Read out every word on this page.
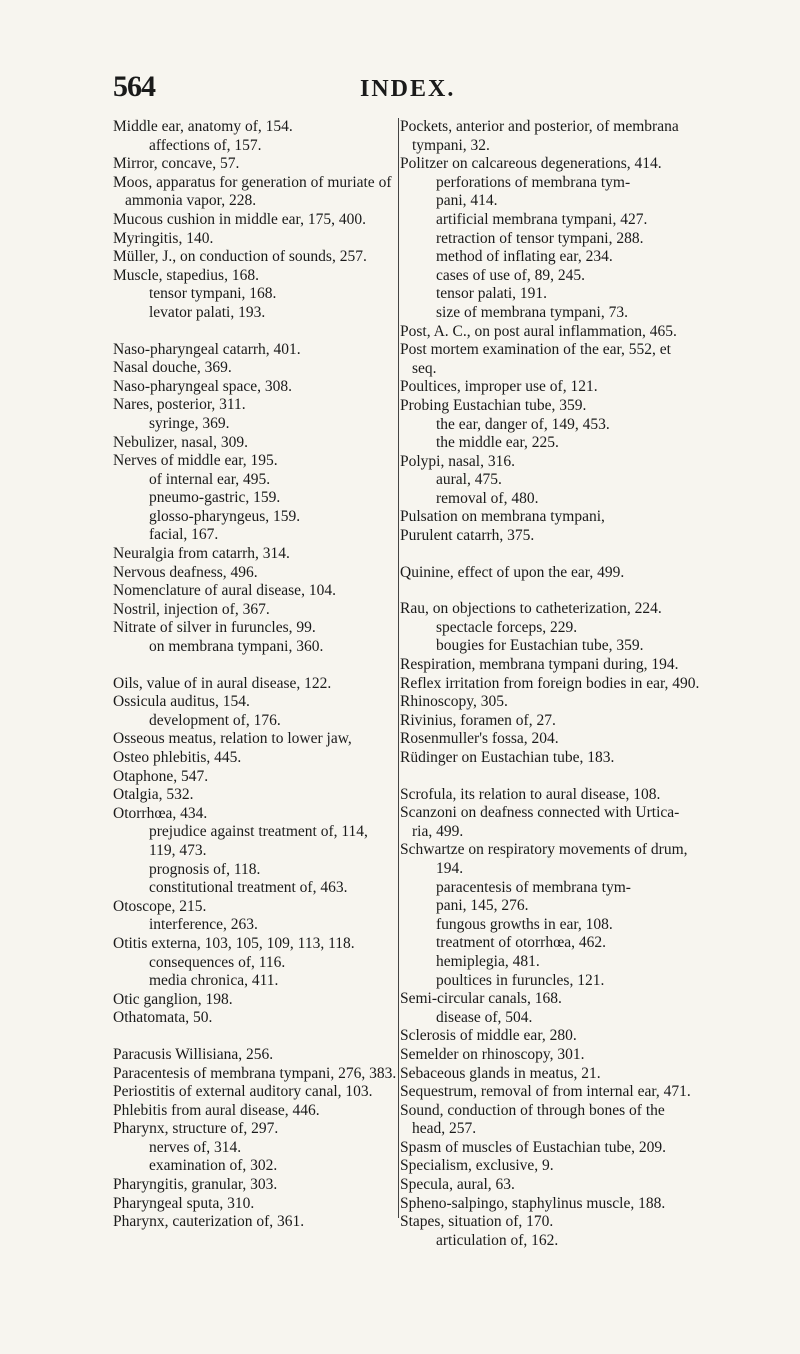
564	INDEX.
Middle ear, anatomy of, 154.
affections of, 157.
Mirror, concave, 57.
Moos, apparatus for generation of muriate of
ammonia vapor, 228.
Mucous cushion in middle ear, 175, 400.
Myringitis, 140.
Müller, J., on conduction of sounds, 257.
Muscle, stapedius, 168.
tensor tympani, 168.
levator palati, 193.
Naso-pharyngeal catarrh, 401.
Nasal douche, 369.
Naso-pharyngeal space, 308.
Nares, posterior, 311.
syringe, 369.
Nebulizer, nasal, 309.
Nerves of middle ear, 195.
of internal ear, 495.
pneumo-gastric, 159.
glosso-pharyngeus, 159.
facial, 167.
Neuralgia from catarrh, 314.
Nervous deafness, 496.
Nomenclature of aural disease, 104.
Nostril, injection of, 367.
Nitrate of silver in furuncles, 99.
on membrana tympani, 360.
Oils, value of in aural disease, 122.
Ossicula auditus, 154.
development of, 176.
Osseous meatus, relation to lower jaw,
Osteo phlebitis, 445.
Otaphone, 547.
Otalgia, 532.
Otorrhœa, 434.
prejudice against treatment of, 114,
119, 473.
prognosis of, 118.
constitutional treatment of, 463.
Otoscope, 215.
interference, 263.
Otitis externa, 103, 105, 109, 113, 118.
consequences of, 116.
media chronica, 411.
Otic ganglion, 198.
Othatomata, 50.
Paracusis Willisiana, 256.
Paracentesis of membrana tympani, 276, 383.
Periostitis of external auditory canal, 103.
Phlebitis from aural disease, 446.
Pharynx, structure of, 297.
nerves of, 314.
examination of, 302.
Pharyngitis, granular, 303.
Pharyngeal sputa, 310.
Pharynx, cauterization of, 361.
Pockets, anterior and posterior, of membrana
tympani, 32.
Politzer on calcareous degenerations, 414.
perforations of membrana tym-
pani, 414.
artificial membrana tympani, 427.
retraction of tensor tympani, 288.
method of inflating ear, 234.
cases of use of, 89, 245.
tensor palati, 191.
size of membrana tympani, 73.
Post, A. C., on post aural inflammation, 465.
Post mortem examination of the ear, 552, et
seq.
Poultices, improper use of, 121.
Probing Eustachian tube, 359.
the ear, danger of, 149, 453.
the middle ear, 225.
Polypi, nasal, 316.
aural, 475.
removal of, 480.
Pulsation on membrana tympani,
Purulent catarrh, 375.
Quinine, effect of upon the ear, 499.
Rau, on objections to catheterization, 224.
spectacle forceps, 229.
bougies for Eustachian tube, 359.
Respiration, membrana tympani during, 194.
Reflex irritation from foreign bodies in ear, 490.
Rhinoscopy, 305.
Rivinius, foramen of, 27.
Rosenmuller's fossa, 204.
Rüdinger on Eustachian tube, 183.
Scrofula, its relation to aural disease, 108.
Scanzoni on deafness connected with Urtica-
ria, 499.
Schwartze on respiratory movements of drum,
194.
paracentesis of membrana tym-
pani, 145, 276.
fungous growths in ear, 108.
treatment of otorrhœa, 462.
hemiplegia, 481.
poultices in furuncles, 121.
Semi-circular canals, 168.
disease of, 504.
Sclerosis of middle ear, 280.
Semelder on rhinoscopy, 301.
Sebaceous glands in meatus, 21.
Sequestrum, removal of from internal ear, 471.
Sound, conduction of through bones of the
head, 257.
Spasm of muscles of Eustachian tube, 209.
Specialism, exclusive, 9.
Specula, aural, 63.
Spheno-salpingo, staphylinus muscle, 188.
Stapes, situation of, 170.
articulation of, 162.
